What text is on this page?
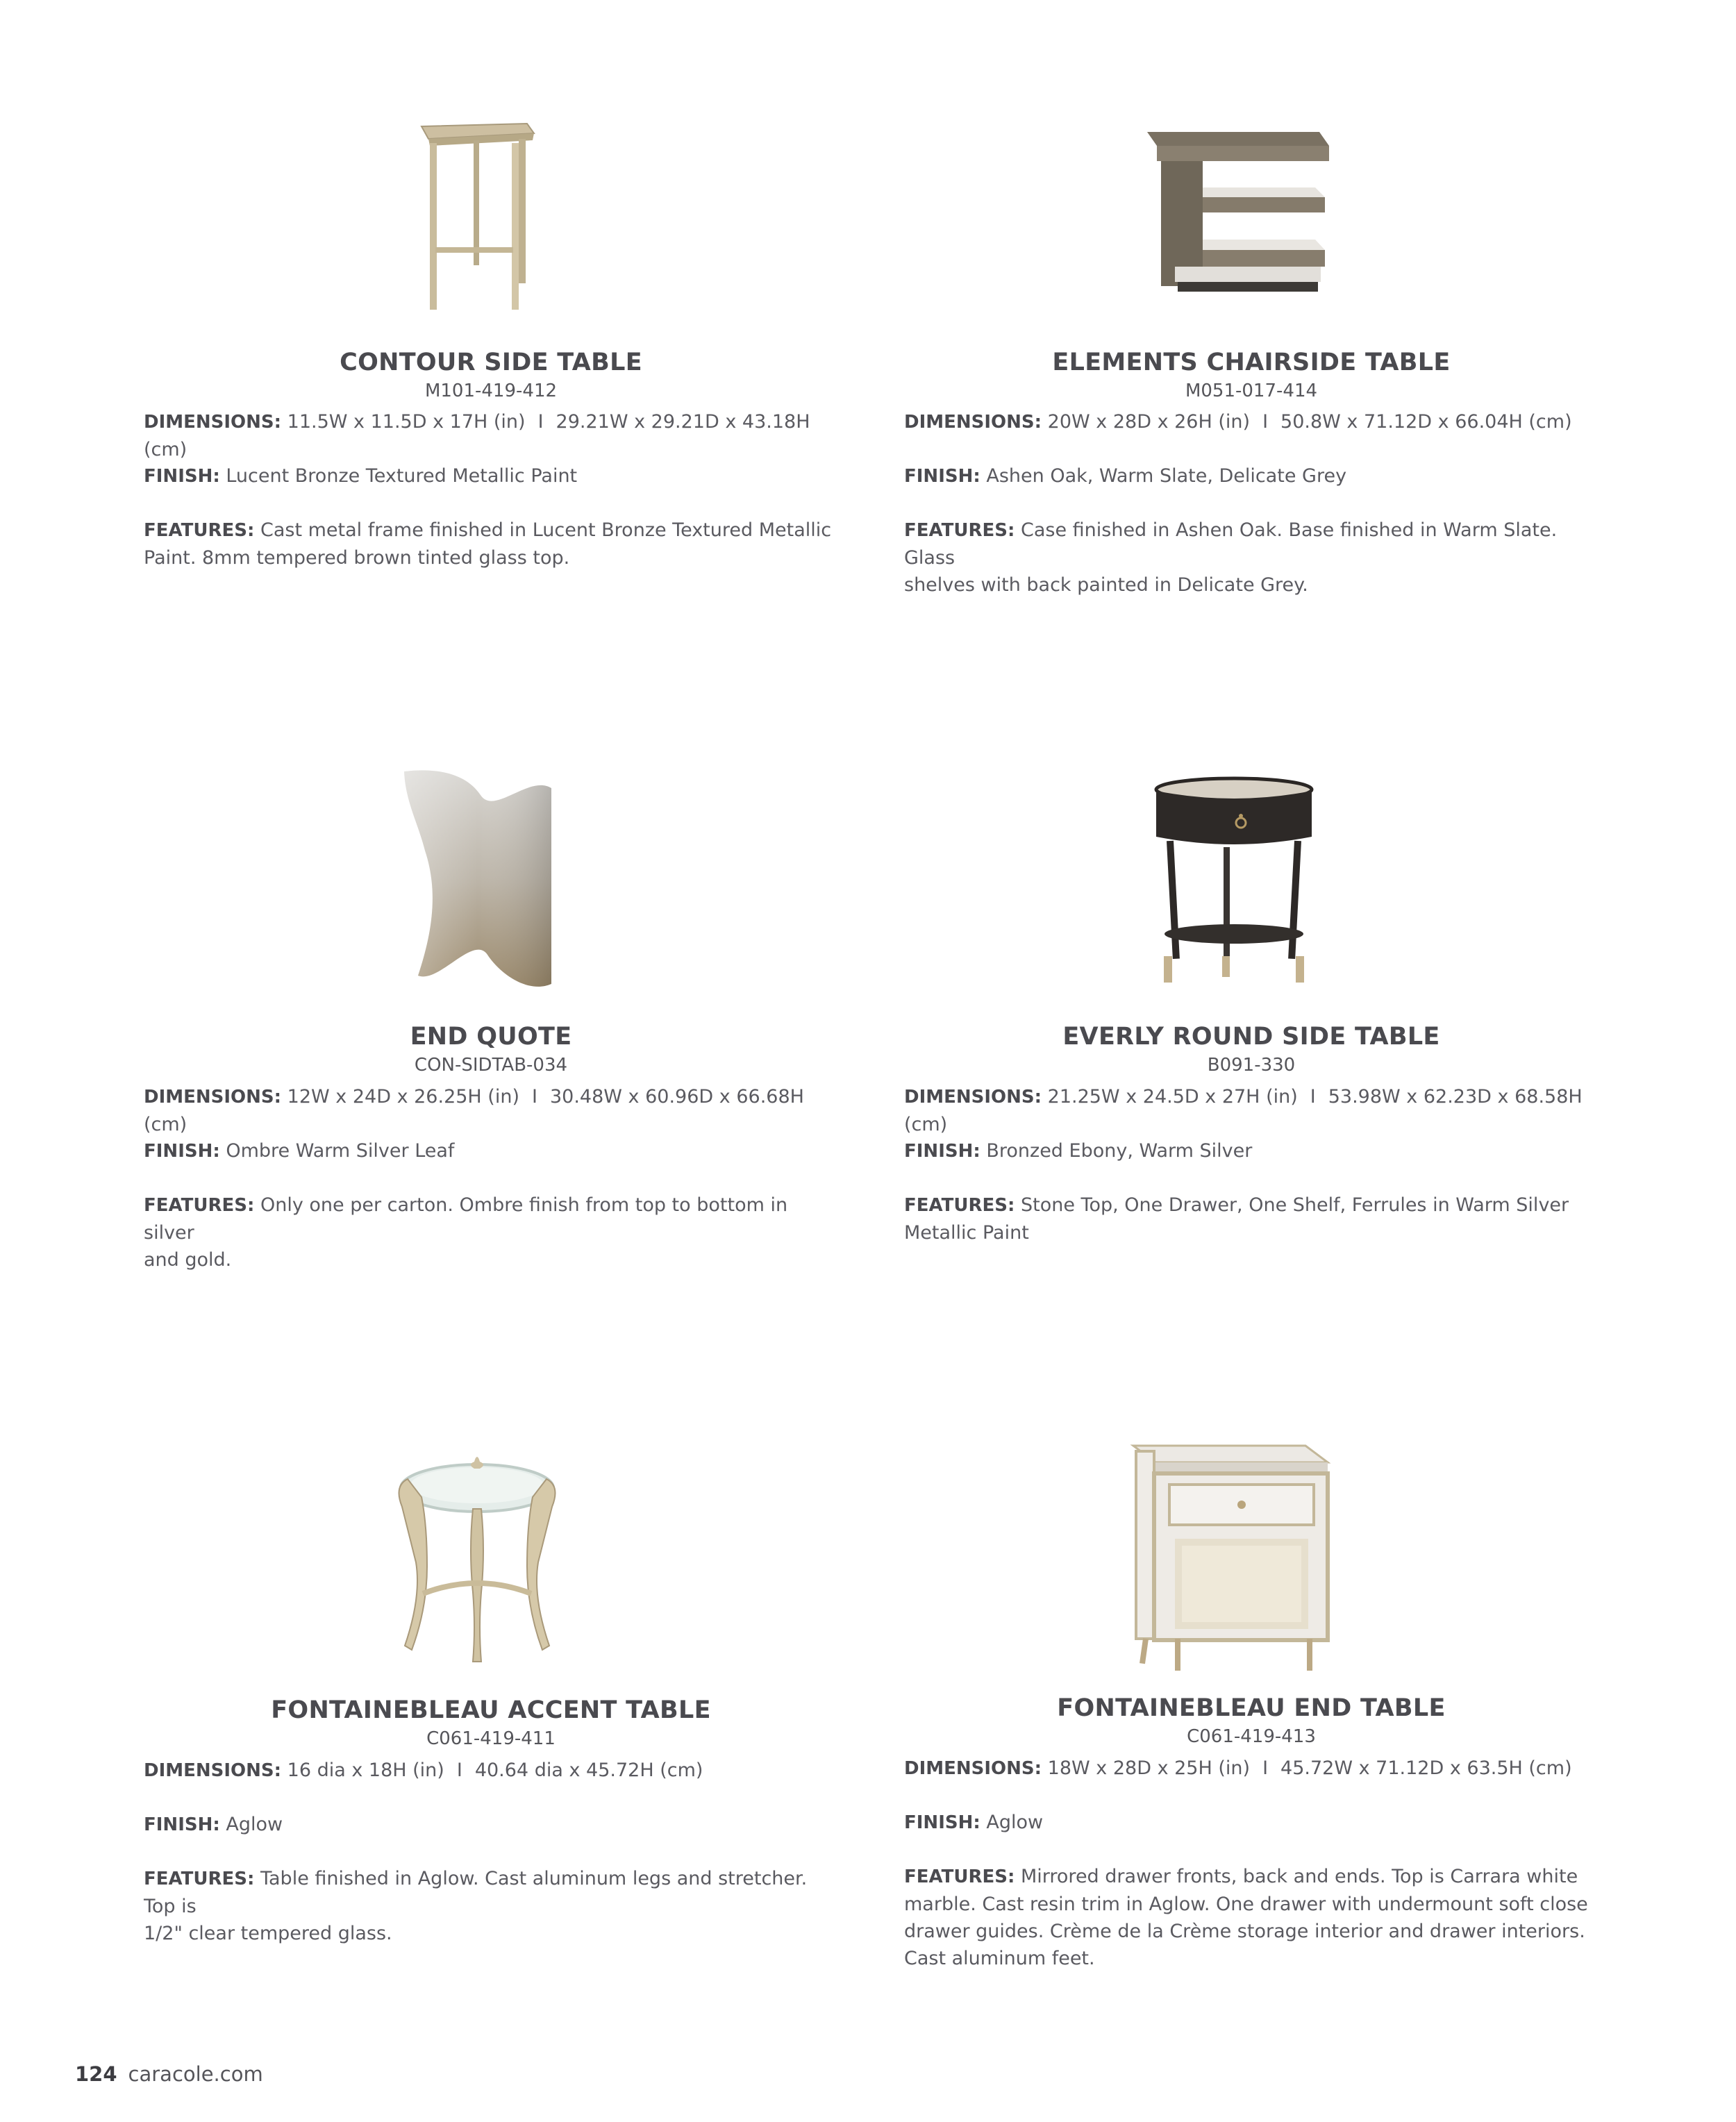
CONTOUR SIDE TABLE
M101-419-412

DIMENSIONS: 11.5W x 11.5D x 17H (in) I 29.21W x 29.21D x 43.18H (cm)

FINISH: Lucent Bronze Textured Metallic Paint

FEATURES: Cast metal frame finished in Lucent Bronze Textured Metallic
Paint. 8mm tempered brown tinted glass top.

ELEMENTS CHAIRSIDE TABLE
M051-017-414

DIMENSIONS: 20W x 28D x 26H (in) I 50.8W x 71.12D x 66.04H (cm)

FINISH: Ashen Oak, Warm Slate, Delicate Grey

FEATURES: Case finished in Ashen Oak. Base finished in Warm Slate. Glass
shelves with back painted in Delicate Grey.

END QUOTE
CON-SIDTAB-034

DIMENSIONS: 12W x 24D x 26.25H (in) I 30.48W x 60.96D x 66.68H (cm)

FINISH: Ombre Warm Silver Leaf

FEATURES: Only one per carton. Ombre finish from top to bottom in silver
and gold.

EVERLY ROUND SIDE TABLE
B091-330

DIMENSIONS: 21.25W x 24.5D x 27H (in) I 53.98W x 62.23D x 68.58H (cm)

FINISH: Bronzed Ebony, Warm Silver

FEATURES: Stone Top, One Drawer, One Shelf, Ferrules in Warm Silver
Metallic Paint

FONTAINEBLEAU ACCENT TABLE
C061-419-411

DIMENSIONS: 16 dia x 18H (in) I 40.64 dia x 45.72H (cm)

FINISH: Aglow

FEATURES: Table finished in Aglow. Cast aluminum legs and stretcher. Top is
1/2" clear tempered glass.

FONTAINEBLEAU END TABLE
C061-419-413

DIMENSIONS: 18W x 28D x 25H (in) I 45.72W x 71.12D x 63.5H (cm)

FINISH: Aglow

FEATURES: Mirrored drawer fronts, back and ends. Top is Carrara white
marble. Cast resin trim in Aglow. One drawer with undermount soft close
drawer guides. Crème de la Crème storage interior and drawer interiors.
Cast aluminum feet.

124 caracole.com
